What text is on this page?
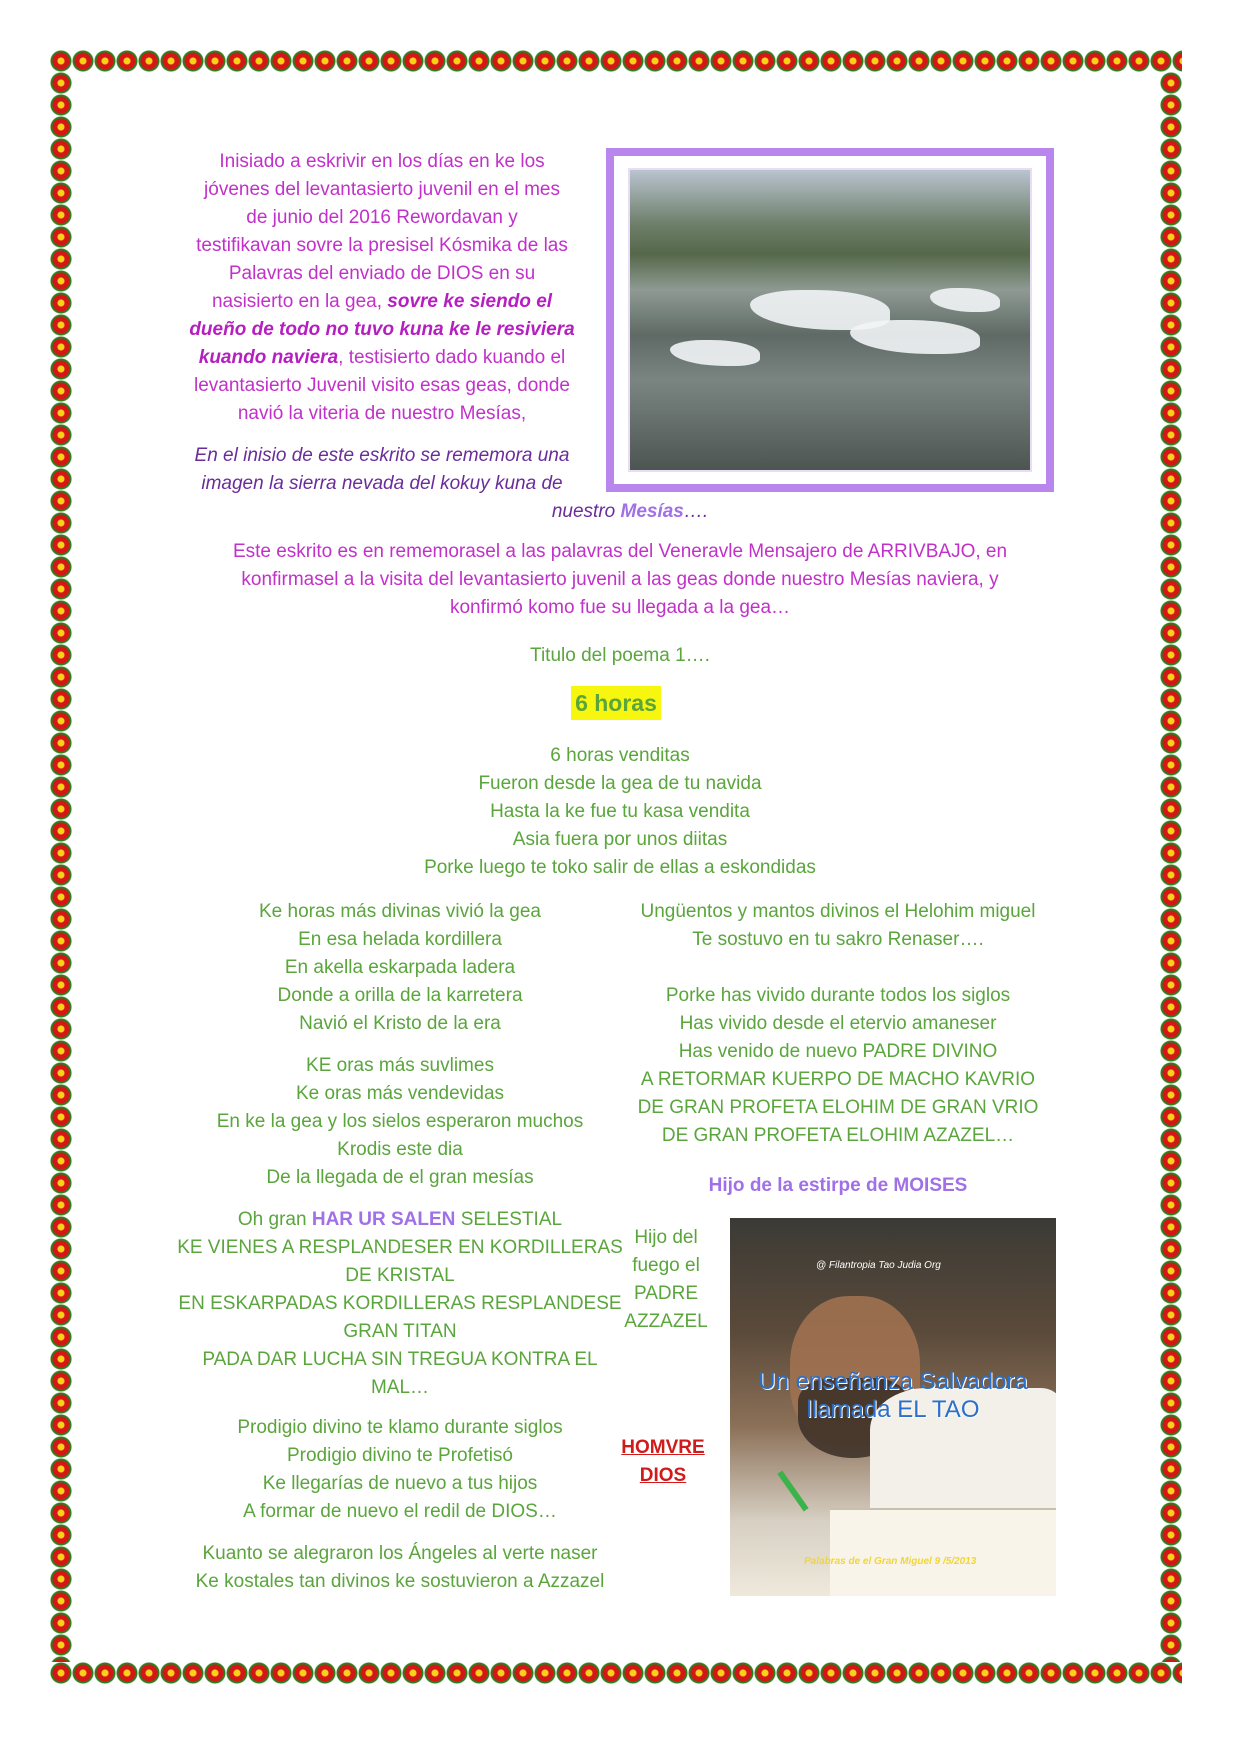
Inisiado a eskrivir en los días en ke los
jóvenes del levantasierto juvenil en el mes
de junio del 2016 Rewordavan y
testifikavan sovre la presisel Kósmika de las
Palavras del enviado de DIOS en su
nasisierto en la gea, sovre ke siendo el
dueño de todo no tuvo kuna ke le resiviera
kuando naviera, testisierto dado kuando el
levantasierto Juvenil visito esas geas, donde
navió la viteria de nuestro Mesías,
En el inisio de este eskrito se rememora una
imagen la sierra nevada del kokuy kuna de
nuestro Mesías….
Este eskrito es en rememorasel a las palavras del Veneravle Mensajero de ARRIVBAJO, en
konfirmasel a la visita del levantasiertо juvenil a las geas donde nuestro Mesías naviera, y
konfirmó komo fue su llegada a la gea…
Titulo del poema 1….
6 horas
6 horas venditas
Fueron desde la gea de tu navida
Hasta la ke fue tu kasa vendita
Asia fuera por unos diitas
Porke luego te toko salir de ellas a eskondidas
Ke horas más divinas vivió la gea
En esa helada kordillera
En akella eskarpada ladera
Donde a orilla de la karretera
Navió el Kristo de la era
KE oras más suvlimes
Ke oras más vendevidas
En ke la gea y los sielos esperaron muchos
Krodis este dia
De la llegada de el gran mesías
Oh gran HAR UR SALEN SELESTIAL
KE VIENES A RESPLANDESER EN KORDILLERAS
DE KRISTAL
EN ESKARPADAS KORDILLERAS RESPLANDESE
GRAN TITAN
PADA DAR LUCHA SIN TREGUA KONTRA EL
MAL…
Prodigio divino te klamo durante siglos
Prodigio divino te Profetisó
Ke llegarías de nuevo a tus hijos
A formar de nuevo el redil de DIOS…
Kuanto se alegraron los Ángeles al verte naser
Ke kostales tan divinos ke sostuvieron a Azzazel
Ungüentos y mantos divinos el Helohim miguel
Te sostuvo en tu sakro Renaser….
Porke has vivido durante todos los siglos
Has vivido desde el etervio amaneser
Has venido de nuevo PADRE DIVINO
A RETORMAR KUERPO DE MACHO KAVRIO
DE GRAN PROFETA ELOHIM DE GRAN VRIO
DE GRAN PROFETA ELOHIM AZAZEL…
Hijo de la estirpe de MOISES
Hijo del
fuego el
PADRE
AZZAZEL
HOMVRE
DIOS
@ Filantropia Tao Judia Org
Un enseñanza Salvadora
llamada EL TAO
Palabras de el Gran Miguel 9 /5/2013
